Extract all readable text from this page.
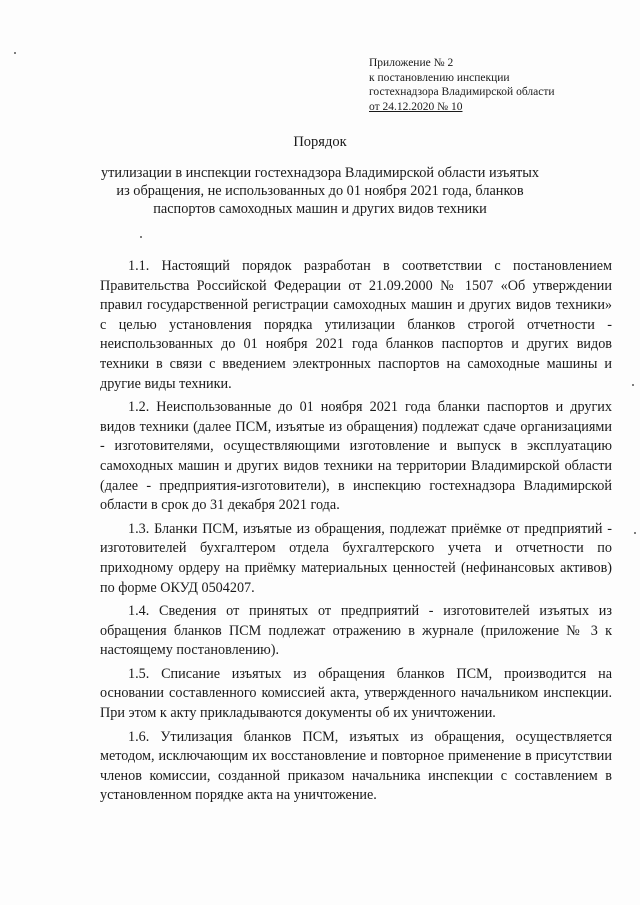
Приложение № 2
к постановлению инспекции
гостехнадзора Владимирской области
от 24.12.2020 № 10
Порядок
утилизации в инспекции гостехнадзора Владимирской области изъятых из обращения, не использованных до 01 ноября 2021 года, бланков паспортов самоходных машин и других видов техники

1.1. Настоящий порядок разработан в соответствии с постановлением Правительства Российской Федерации от 21.09.2000 № 1507 «Об утверждении правил государственной регистрации самоходных машин и других видов техники» с целью установления порядка утилизации бланков строгой отчетности - неиспользованных до 01 ноября 2021 года бланков паспортов и других видов техники в связи с введением электронных паспортов на самоходные машины и другие виды техники.

1.2. Неиспользованные до 01 ноября 2021 года бланки паспортов и других видов техники (далее ПСМ, изъятые из обращения) подлежат сдаче организациями - изготовителями, осуществляющими изготовление и выпуск в эксплуатацию самоходных машин и других видов техники на территории Владимирской области (далее - предприятия-изготовители), в инспекцию гостехнадзора Владимирской области в срок до 31 декабря 2021 года.

1.3. Бланки ПСМ, изъятые из обращения, подлежат приёмке от предприятий - изготовителей бухгалтером отдела бухгалтерского учета и отчетности по приходному ордеру на приёмку материальных ценностей (нефинансовых активов) по форме ОКУД 0504207.

1.4. Сведения от принятых от предприятий - изготовителей изъятых из обращения бланков ПСМ подлежат отражению в журнале (приложение № 3 к настоящему постановлению).

1.5. Списание изъятых из обращения бланков ПСМ, производится на основании составленного комиссией акта, утвержденного начальником инспекции. При этом к акту прикладываются документы об их уничтожении.

1.6. Утилизация бланков ПСМ, изъятых из обращения, осуществляется методом, исключающим их восстановление и повторное применение в присутствии членов комиссии, созданной приказом начальника инспекции с составлением в установленном порядке акта на уничтожение.
